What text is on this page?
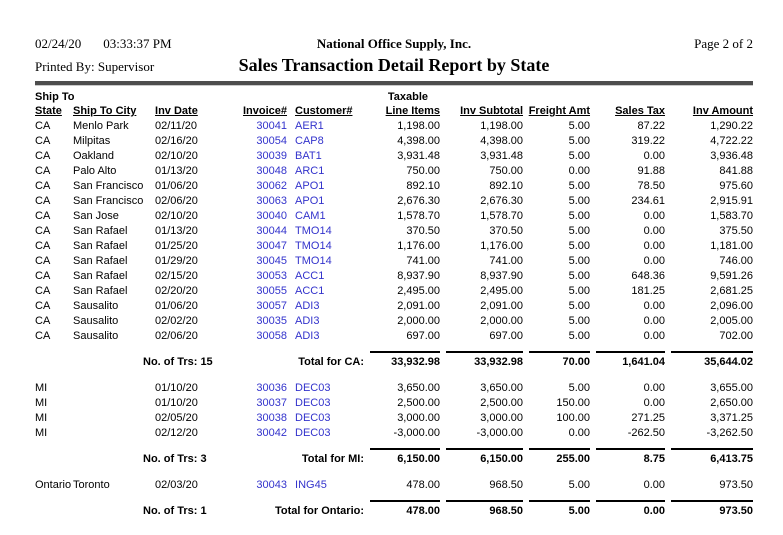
02/24/20 03:33:37 PM
Printed By: Supervisor
National Office Supply, Inc.
Sales Transaction Detail Report by State
Page 2 of 2
Ship To					Taxable				
State	Ship To City	Inv Date	Invoice#	Customer#	Line Items	Inv Subtotal	Freight Amt	Sales Tax	Inv Amount
CA	Menlo Park	02/11/20	30041	AER1	1,198.00	1,198.00	5.00	87.22	1,290.22
CA	Milpitas	02/16/20	30054	CAP8	4,398.00	4,398.00	5.00	319.22	4,722.22
CA	Oakland	02/10/20	30039	BAT1	3,931.48	3,931.48	5.00	0.00	3,936.48
CA	Palo Alto	01/13/20	30048	ARC1	750.00	750.00	0.00	91.88	841.88
CA	San Francisco	01/06/20	30062	APO1	892.10	892.10	5.00	78.50	975.60
CA	San Francisco	02/06/20	30063	APO1	2,676.30	2,676.30	5.00	234.61	2,915.91
CA	San Jose	02/10/20	30040	CAM1	1,578.70	1,578.70	5.00	0.00	1,583.70
CA	San Rafael	01/13/20	30044	TMO14	370.50	370.50	5.00	0.00	375.50
CA	San Rafael	01/25/20	30047	TMO14	1,176.00	1,176.00	5.00	0.00	1,181.00
CA	San Rafael	01/29/20	30045	TMO14	741.00	741.00	5.00	0.00	746.00
CA	San Rafael	02/15/20	30053	ACC1	8,937.90	8,937.90	5.00	648.36	9,591.26
CA	San Rafael	02/20/20	30055	ACC1	2,495.00	2,495.00	5.00	181.25	2,681.25
CA	Sausalito	01/06/20	30057	ADI3	2,091.00	2,091.00	5.00	0.00	2,096.00
CA	Sausalito	02/02/20	30035	ADI3	2,000.00	2,000.00	5.00	0.00	2,005.00
CA	Sausalito	02/06/20	30058	ADI3	697.00	697.00	5.00	0.00	702.00

No. of Trs: 15			Total for CA:		33,932.98	33,932.98	70.00	1,641.04	35,644.02

MI		01/10/20	30036	DEC03	3,650.00	3,650.00	5.00	0.00	3,655.00
MI		01/10/20	30037	DEC03	2,500.00	2,500.00	150.00	0.00	2,650.00
MI		02/05/20	30038	DEC03	3,000.00	3,000.00	100.00	271.25	3,371.25
MI		02/12/20	30042	DEC03	-3,000.00	-3,000.00	0.00	-262.50	-3,262.50

No. of Trs: 3			Total for MI:		6,150.00	6,150.00	255.00	8.75	6,413.75

Ontario	Toronto	02/03/20	30043	ING45	478.00	968.50	5.00	0.00	973.50

No. of Trs: 1			Total for Ontario:		478.00	968.50	5.00	0.00	973.50
